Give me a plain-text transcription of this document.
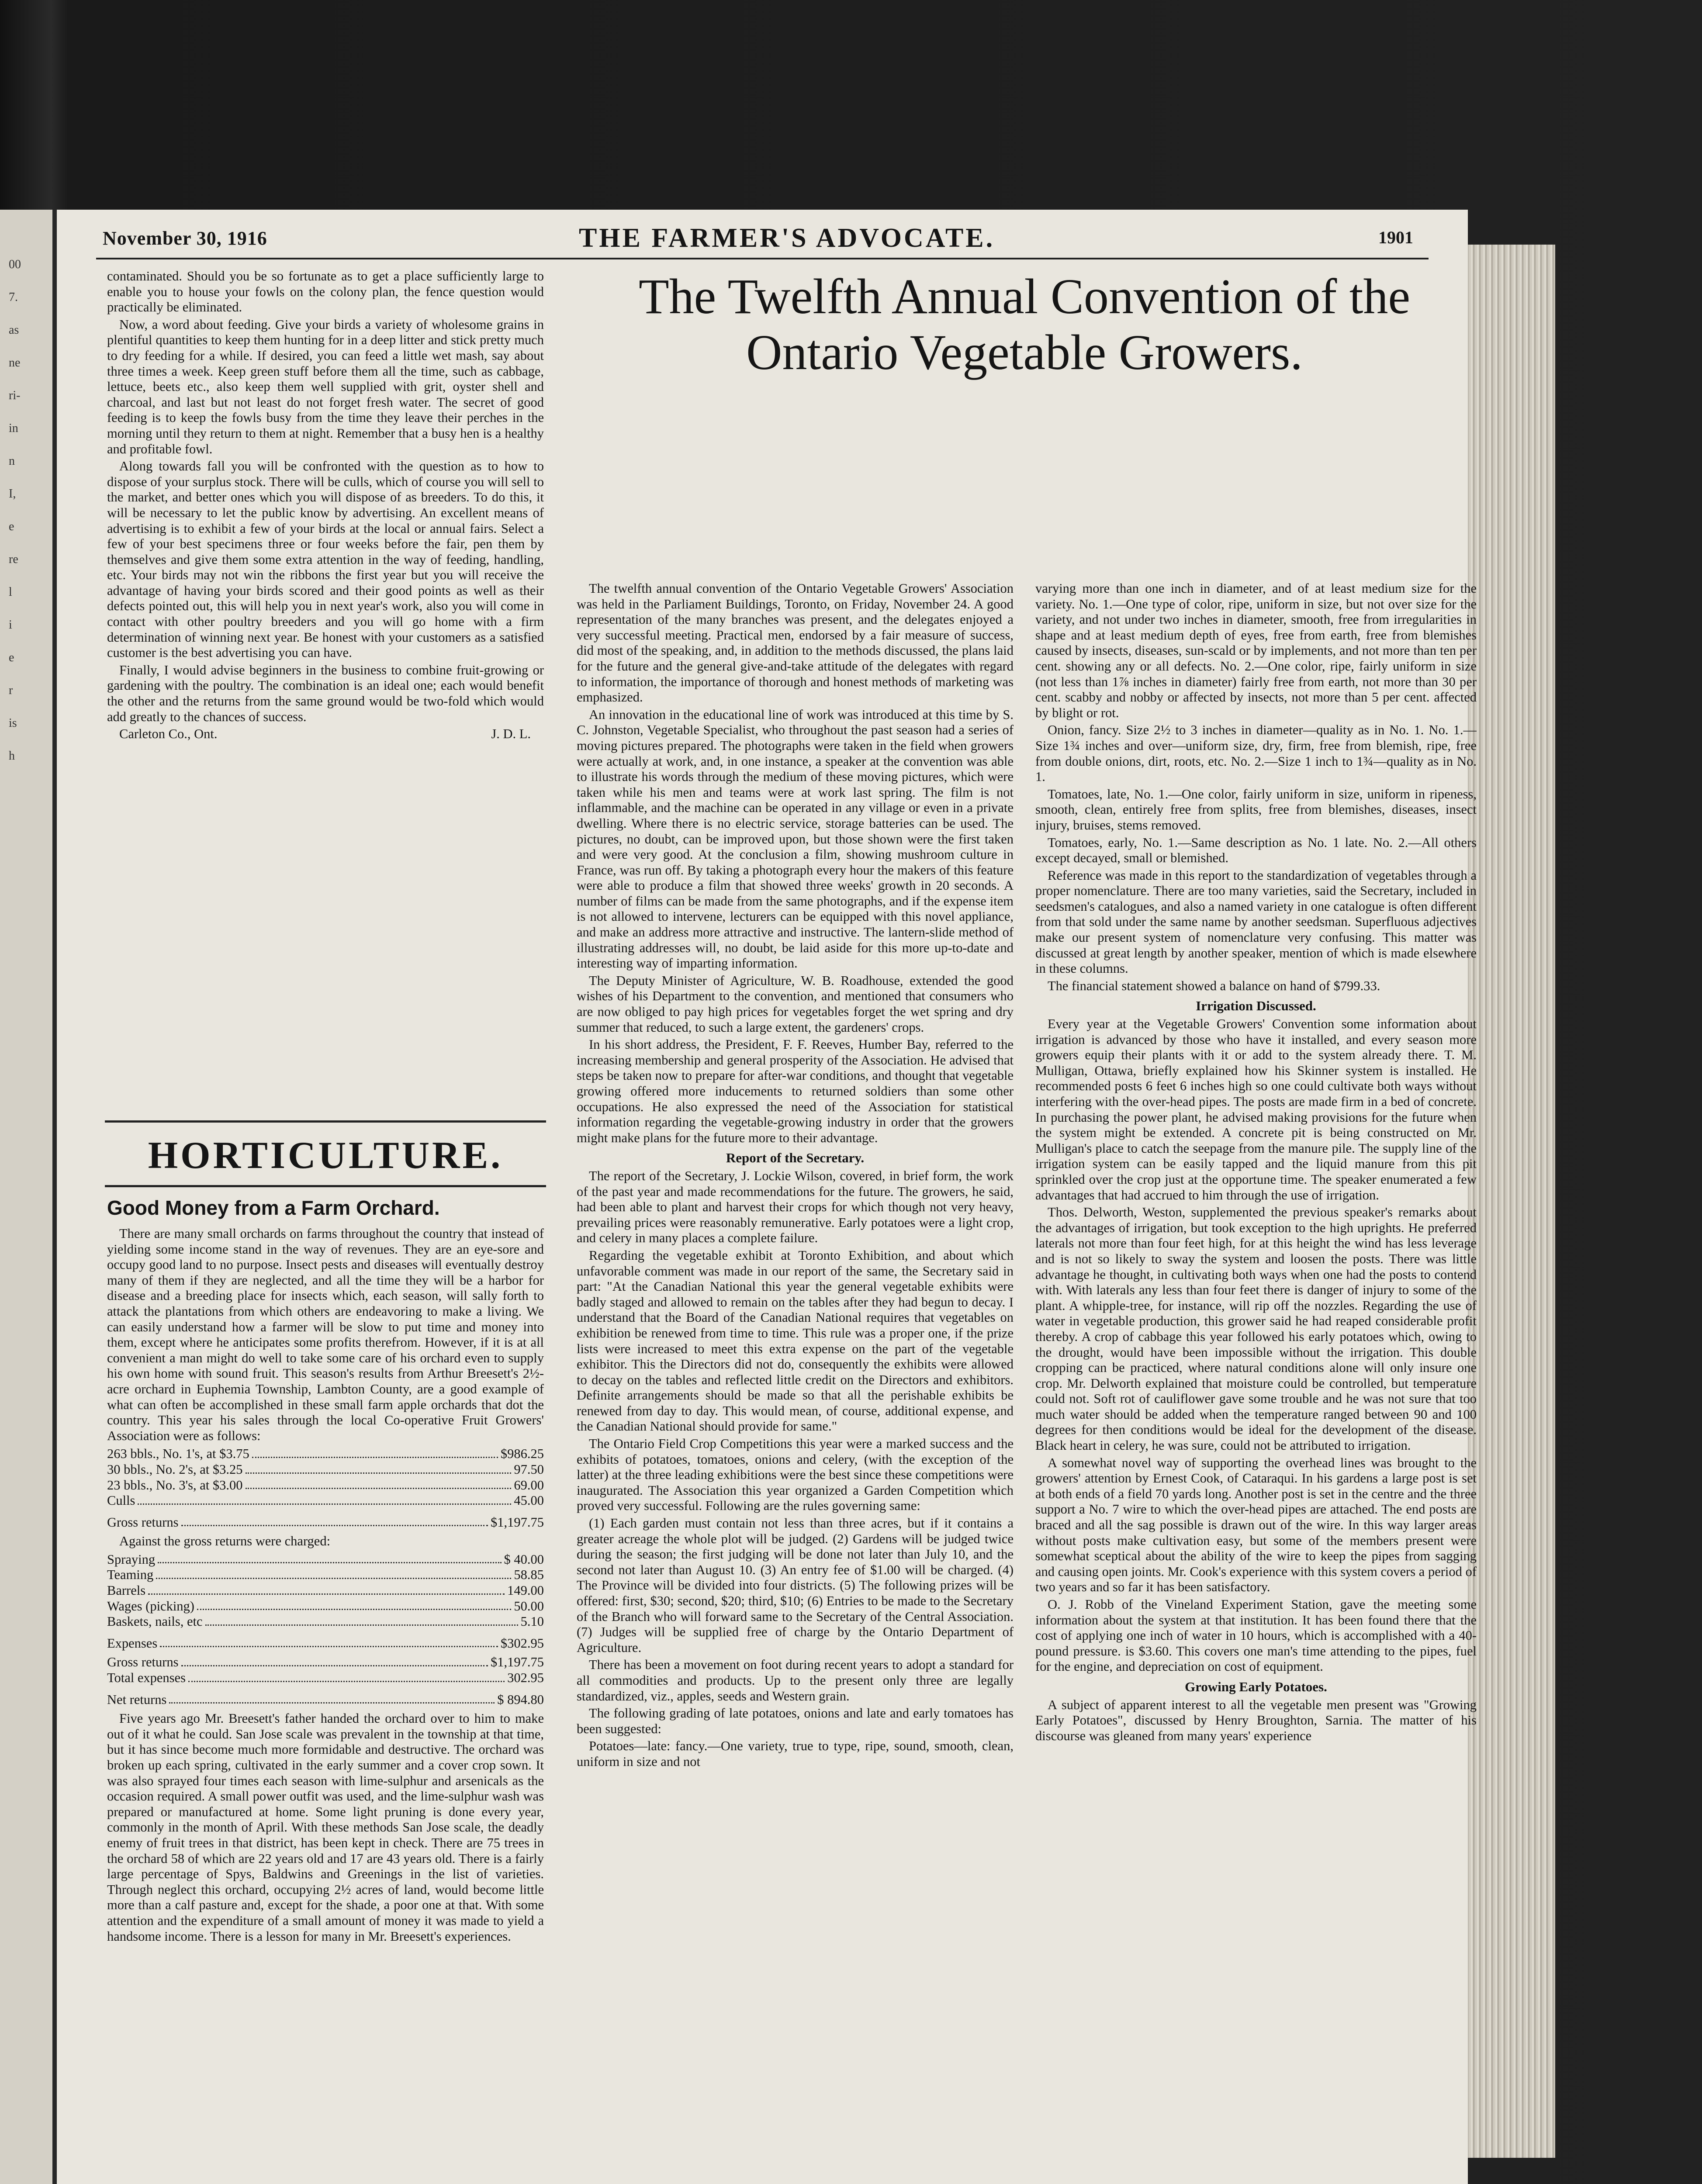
00
7.
as
ne
ri-
in
n
I,
e
re
l
i
e
r
is
h
November 30, 1916	THE FARMER'S ADVOCATE.	1901

contaminated. Should you be so fortunate as to get a place sufficiently large to enable you to house your fowls on the colony plan, the fence question would practically be eliminated.

Now, a word about feeding. Give your birds a variety of wholesome grains in plentiful quantities to keep them hunting for in a deep litter and stick pretty much to dry feeding for a while. If desired, you can feed a little wet mash, say about three times a week. Keep green stuff before them all the time, such as cabbage, lettuce, beets etc., also keep them well supplied with grit, oyster shell and charcoal, and last but not least do not forget fresh water. The secret of good feeding is to keep the fowls busy from the time they leave their perches in the morning until they return to them at night. Remember that a busy hen is a healthy and profitable fowl.

Along towards fall you will be confronted with the question as to how to dispose of your surplus stock. There will be culls, which of course you will sell to the market, and better ones which you will dispose of as breeders. To do this, it will be necessary to let the public know by advertising. An excellent means of advertising is to exhibit a few of your birds at the local or annual fairs. Select a few of your best specimens three or four weeks before the fair, pen them by themselves and give them some extra attention in the way of feeding, handling, etc. Your birds may not win the ribbons the first year but you will receive the advantage of having your birds scored and their good points as well as their defects pointed out, this will help you in next year's work, also you will come in contact with other poultry breeders and you will go home with a firm determination of winning next year. Be honest with your customers as a satisfied customer is the best advertising you can have.

Finally, I would advise beginners in the business to combine fruit-growing or gardening with the poultry. The combination is an ideal one; each would benefit the other and the returns from the same ground would be two-fold which would add greatly to the chances of success.

Carleton Co., Ont.	J. D. L.
HORTICULTURE.

Good Money from a Farm Orchard.

There are many small orchards on farms throughout the country that instead of yielding some income stand in the way of revenues. They are an eye-sore and occupy good land to no purpose. Insect pests and diseases will eventually destroy many of them if they are neglected, and all the time they will be a harbor for disease and a breeding place for insects which, each season, will sally forth to attack the plantations from which others are endeavoring to make a living. We can easily understand how a farmer will be slow to put time and money into them, except where he anticipates some profits therefrom. However, if it is at all convenient a man might do well to take some care of his orchard even to supply his own home with sound fruit. This season's results from Arthur Breesett's 2½-acre orchard in Euphemia Township, Lambton County, are a good example of what can often be accomplished in these small farm apple orchards that dot the country. This year his sales through the local Co-operative Fruit Growers' Association were as follows:

263 bbls., No. 1's, at $3.75	$986.25
30 bbls., No. 2's, at $3.25	97.50
23 bbls., No. 3's, at $3.00	69.00
Culls	45.00
Gross returns	$1,197.75

Against the gross returns were charged:

Spraying	$ 40.00
Teaming	58.85
Barrels	149.00
Wages (picking)	50.00
Baskets, nails, etc	5.10
Expenses	$302.95
Gross returns	$1,197.75
Total expenses	302.95
Net returns	$ 894.80

Five years ago Mr. Breesett's father handed the orchard over to him to make out of it what he could. San Jose scale was prevalent in the township at that time, but it has since become much more formidable and destructive. The orchard was broken up each spring, cultivated in the early summer and a cover crop sown. It was also sprayed four times each season with lime-sulphur and arsenicals as the occasion required. A small power outfit was used, and the lime-sulphur wash was prepared or manufactured at home. Some light pruning is done every year, commonly in the month of April. With these methods San Jose scale, the deadly enemy of fruit trees in that district, has been kept in check. There are 75 trees in the orchard 58 of which are 22 years old and 17 are 43 years old. There is a fairly large percentage of Spys, Baldwins and Greenings in the list of varieties. Through neglect this orchard, occupying 2½ acres of land, would become little more than a calf pasture and, except for the shade, a poor one at that. With some attention and the expenditure of a small amount of money it was made to yield a handsome income. There is a lesson for many in Mr. Breesett's experiences.

The Twelfth Annual Convention of the Ontario Vegetable Growers.

The twelfth annual convention of the Ontario Vegetable Growers' Association was held in the Parliament Buildings, Toronto, on Friday, November 24. A good representation of the many branches was present, and the delegates enjoyed a very successful meeting. Practical men, endorsed by a fair measure of success, did most of the speaking, and, in addition to the methods discussed, the plans laid for the future and the general give-and-take attitude of the delegates with regard to information, the importance of thorough and honest methods of marketing was emphasized.

An innovation in the educational line of work was introduced at this time by S. C. Johnston, Vegetable Specialist, who throughout the past season had a series of moving pictures prepared. The photographs were taken in the field when growers were actually at work, and, in one instance, a speaker at the convention was able to illustrate his words through the medium of these moving pictures, which were taken while his men and teams were at work last spring. The film is not inflammable, and the machine can be operated in any village or even in a private dwelling. Where there is no electric service, storage batteries can be used. The pictures, no doubt, can be improved upon, but those shown were the first taken and were very good. At the conclusion a film, showing mushroom culture in France, was run off. By taking a photograph every hour the makers of this feature were able to produce a film that showed three weeks' growth in 20 seconds. A number of films can be made from the same photographs, and if the expense item is not allowed to intervene, lecturers can be equipped with this novel appliance, and make an address more attractive and instructive. The lantern-slide method of illustrating addresses will, no doubt, be laid aside for this more up-to-date and interesting way of imparting information.

The Deputy Minister of Agriculture, W. B. Roadhouse, extended the good wishes of his Department to the convention, and mentioned that consumers who are now obliged to pay high prices for vegetables forget the wet spring and dry summer that reduced, to such a large extent, the gardeners' crops.

In his short address, the President, F. F. Reeves, Humber Bay, referred to the increasing membership and general prosperity of the Association. He advised that steps be taken now to prepare for after-war conditions, and thought that vegetable growing offered more inducements to returned soldiers than some other occupations. He also expressed the need of the Association for statistical information regarding the vegetable-growing industry in order that the growers might make plans for the future more to their advantage.

Report of the Secretary.

The report of the Secretary, J. Lockie Wilson, covered, in brief form, the work of the past year and made recommendations for the future. The growers, he said, had been able to plant and harvest their crops for which though not very heavy, prevailing prices were reasonably remunerative. Early potatoes were a light crop, and celery in many places a complete failure.

Regarding the vegetable exhibit at Toronto Exhibition, and about which unfavorable comment was made in our report of the same, the Secretary said in part: "At the Canadian National this year the general vegetable exhibits were badly staged and allowed to remain on the tables after they had begun to decay. I understand that the Board of the Canadian National requires that vegetables on exhibition be renewed from time to time. This rule was a proper one, if the prize lists were increased to meet this extra expense on the part of the vegetable exhibitor. This the Directors did not do, consequently the exhibits were allowed to decay on the tables and reflected little credit on the Directors and exhibitors. Definite arrangements should be made so that all the perishable exhibits be renewed from day to day. This would mean, of course, additional expense, and the Canadian National should provide for same."

The Ontario Field Crop Competitions this year were a marked success and the exhibits of potatoes, tomatoes, onions and celery, (with the exception of the latter) at the three leading exhibitions were the best since these competitions were inaugurated. The Association this year organized a Garden Competition which proved very successful. Following are the rules governing same:

(1) Each garden must contain not less than three acres, but if it contains a greater acreage the whole plot will be judged. (2) Gardens will be judged twice during the season; the first judging will be done not later than July 10, and the second not later than August 10. (3) An entry fee of $1.00 will be charged. (4) The Province will be divided into four districts. (5) The following prizes will be offered: first, $30; second, $20; third, $10; (6) Entries to be made to the Secretary of the Branch who will forward same to the Secretary of the Central Association. (7) Judges will be supplied free of charge by the Ontario Department of Agriculture.

There has been a movement on foot during recent years to adopt a standard for all commodities and products. Up to the present only three are legally standardized, viz., apples, seeds and Western grain.

The following grading of late potatoes, onions and late and early tomatoes has been suggested:

Potatoes—late: fancy.—One variety, true to type, ripe, sound, smooth, clean, uniform in size and not

varying more than one inch in diameter, and of at least medium size for the variety. No. 1.—One type of color, ripe, uniform in size, but not over size for the variety, and not under two inches in diameter, smooth, free from irregularities in shape and at least medium depth of eyes, free from earth, free from blemishes caused by insects, diseases, sun-scald or by implements, and not more than ten per cent. showing any or all defects. No. 2.—One color, ripe, fairly uniform in size (not less than 1⅞ inches in diameter) fairly free from earth, not more than 30 per cent. scabby and nobby or affected by insects, not more than 5 per cent. affected by blight or rot.

Onion, fancy. Size 2½ to 3 inches in diameter—quality as in No. 1. No. 1.—Size 1¾ inches and over—uniform size, dry, firm, free from blemish, ripe, free from double onions, dirt, roots, etc. No. 2.—Size 1 inch to 1¾—quality as in No. 1.

Tomatoes, late, No. 1.—One color, fairly uniform in size, uniform in ripeness, smooth, clean, entirely free from splits, free from blemishes, diseases, insect injury, bruises, stems removed.

Tomatoes, early, No. 1.—Same description as No. 1 late. No. 2.—All others except decayed, small or blemished.

Reference was made in this report to the standardization of vegetables through a proper nomenclature. There are too many varieties, said the Secretary, included in seedsmen's catalogues, and also a named variety in one catalogue is often different from that sold under the same name by another seedsman. Superfluous adjectives make our present system of nomenclature very confusing. This matter was discussed at great length by another speaker, mention of which is made elsewhere in these columns.

The financial statement showed a balance on hand of $799.33.

Irrigation Discussed.

Every year at the Vegetable Growers' Convention some information about irrigation is advanced by those who have it installed, and every season more growers equip their plants with it or add to the system already there. T. M. Mulligan, Ottawa, briefly explained how his Skinner system is installed. He recommended posts 6 feet 6 inches high so one could cultivate both ways without interfering with the over-head pipes. The posts are made firm in a bed of concrete. In purchasing the power plant, he advised making provisions for the future when the system might be extended. A concrete pit is being constructed on Mr. Mulligan's place to catch the seepage from the manure pile. The supply line of the irrigation system can be easily tapped and the liquid manure from this pit sprinkled over the crop just at the opportune time. The speaker enumerated a few advantages that had accrued to him through the use of irrigation.

Thos. Delworth, Weston, supplemented the previous speaker's remarks about the advantages of irrigation, but took exception to the high uprights. He preferred laterals not more than four feet high, for at this height the wind has less leverage and is not so likely to sway the system and loosen the posts. There was little advantage he thought, in cultivating both ways when one had the posts to contend with. With laterals any less than four feet there is danger of injury to some of the plant. A whipple-tree, for instance, will rip off the nozzles. Regarding the use of water in vegetable production, this grower said he had reaped considerable profit thereby. A crop of cabbage this year followed his early potatoes which, owing to the drought, would have been impossible without the irrigation. This double cropping can be practiced, where natural conditions alone will only insure one crop. Mr. Delworth explained that moisture could be controlled, but temperature could not. Soft rot of cauliflower gave some trouble and he was not sure that too much water should be added when the temperature ranged between 90 and 100 degrees for then conditions would be ideal for the development of the disease. Black heart in celery, he was sure, could not be attributed to irrigation.

A somewhat novel way of supporting the overhead lines was brought to the growers' attention by Ernest Cook, of Cataraqui. In his gardens a large post is set at both ends of a field 70 yards long. Another post is set in the centre and the three support a No. 7 wire to which the over-head pipes are attached. The end posts are braced and all the sag possible is drawn out of the wire. In this way larger areas without posts make cultivation easy, but some of the members present were somewhat sceptical about the ability of the wire to keep the pipes from sagging and causing open joints. Mr. Cook's experience with this system covers a period of two years and so far it has been satisfactory.

O. J. Robb of the Vineland Experiment Station, gave the meeting some information about the system at that institution. It has been found there that the cost of applying one inch of water in 10 hours, which is accomplished with a 40-pound pressure. is $3.60. This covers one man's time attending to the pipes, fuel for the engine, and depreciation on cost of equipment.

Growing Early Potatoes.

A subject of apparent interest to all the vegetable men present was "Growing Early Potatoes", discussed by Henry Broughton, Sarnia. The matter of his discourse was gleaned from many years' experience
